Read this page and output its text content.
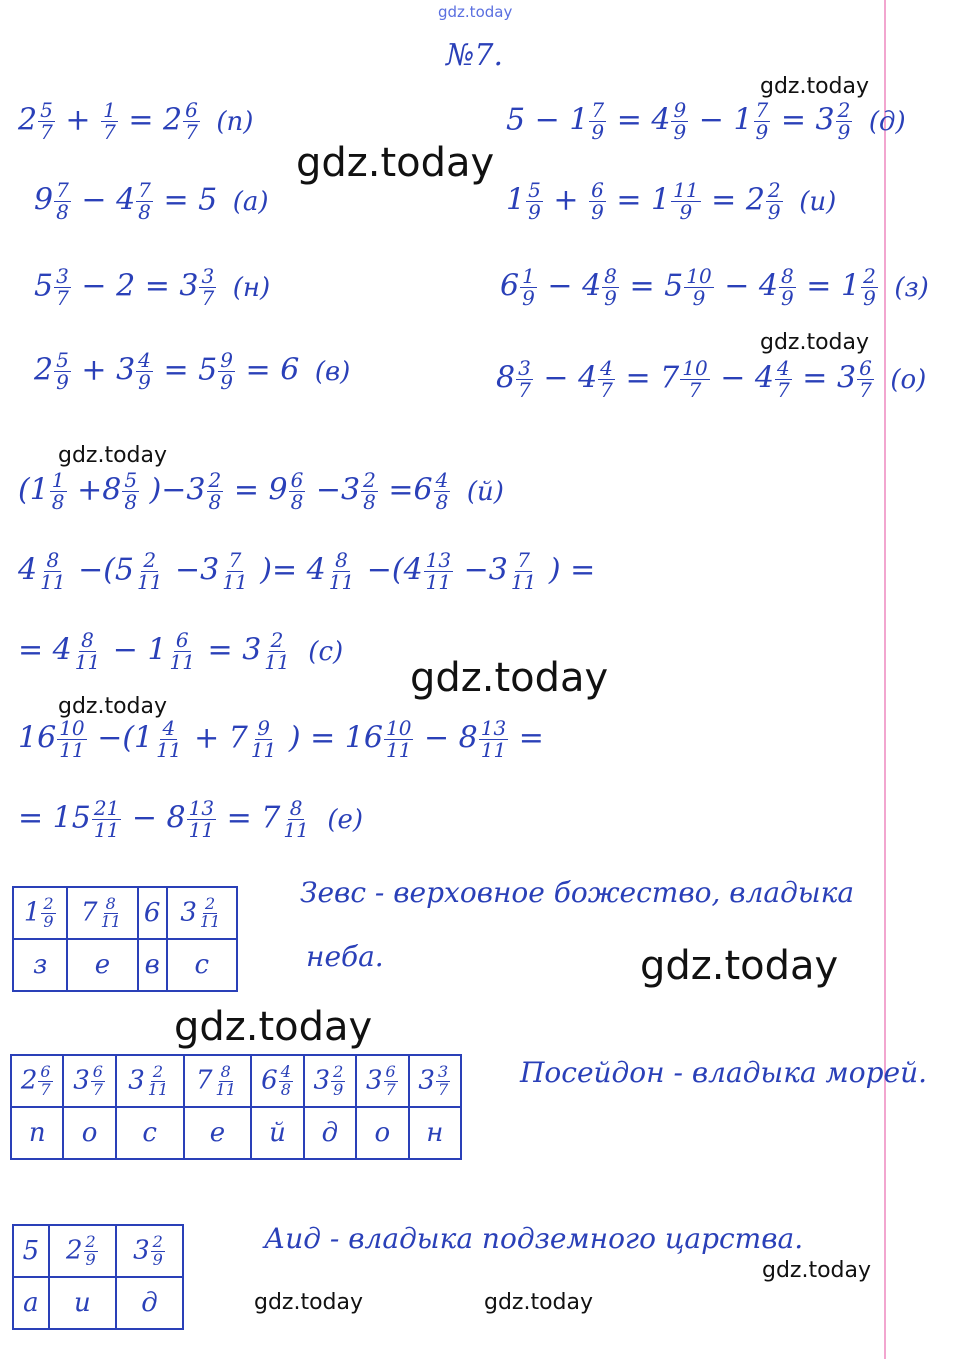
gdz.today
gdz.today
gdz.today
gdz.today
gdz.today
gdz.today
gdz.today
gdz.today
gdz.today
gdz.today
gdz.today	gdz.today
№7.
$2 \frac{5}{7} + \frac{1}{7} = 2 \frac{6}{7} (п)$
$9 \frac{7}{8} - 4 \frac{7}{8} = 5$ (а)
$5 \frac{3}{7} - 2 = 3 \frac{3}{7} (н)$
$2 \frac{5}{9} + 3 \frac{4}{9} = 5 \frac{9}{9} = 6$ (в)
$5 - 1 \frac{7}{9} = 4 \frac{9}{9} - 1 \frac{7}{9} = 3 \frac{2}{9} (д)$
$1 \frac{5}{9} + \frac{6}{9} = 1 \frac{11}{9} = 2 \frac{2}{9} (и)$
$6 \frac{1}{9} - 4 \frac{8}{9} = 5 \frac{10}{9} - 4 \frac{8}{9} = 1 \frac{2}{9} (з)$
$8 \frac{3}{7} - 4 \frac{4}{7} = 7 \frac{10}{7} - 4 \frac{4}{7} = 3 \frac{6}{7} (о)$
$(1 \frac{1}{8} +8 \frac{5}{8} )-3 \frac{2}{8} = 9 \frac{6}{8} -3 \frac{2}{8} =6 \frac{4}{8} (й)$
$4 \frac{8}{11} -(5 \frac{2}{11} -3 \frac{7}{11}$ )= $4 \frac{8}{11} -(4 \frac{13}{11} -3 \frac{7}{11}$ ) =
= $4 \frac{8}{11} - 1 \frac{6}{11} = 3 \frac{2}{11} (с)$
$16 \frac{10}{11} -(1 \frac{4}{11} + 7 \frac{9}{11}$ ) = $16 \frac{10}{11} - 8 \frac{13}{11}$ =
= $15 \frac{21}{11} - 8 \frac{13}{11} = 7 \frac{8}{11} (е)$
$1 \frac{2}{9}$	$7 \frac{8}{11}$	6	$3 \frac{2}{11}$

з	е	в	с
Зевс - верховное божество, владыка
неба.
$2 \frac{6}{7}$	$3 \frac{6}{7}$	$3 \frac{2}{11}$	$7 \frac{8}{11}$	$6 \frac{4}{8}$	$3 \frac{2}{9}$	$3 \frac{6}{7}$	$3 \frac{3}{7}$

п	о	с	е	й	д	о	н
Посейдон - владыка морей.
5	$2 \frac{2}{9}$	$3 \frac{2}{9}$

а	и	д
Аид - владыка подземного царства.
